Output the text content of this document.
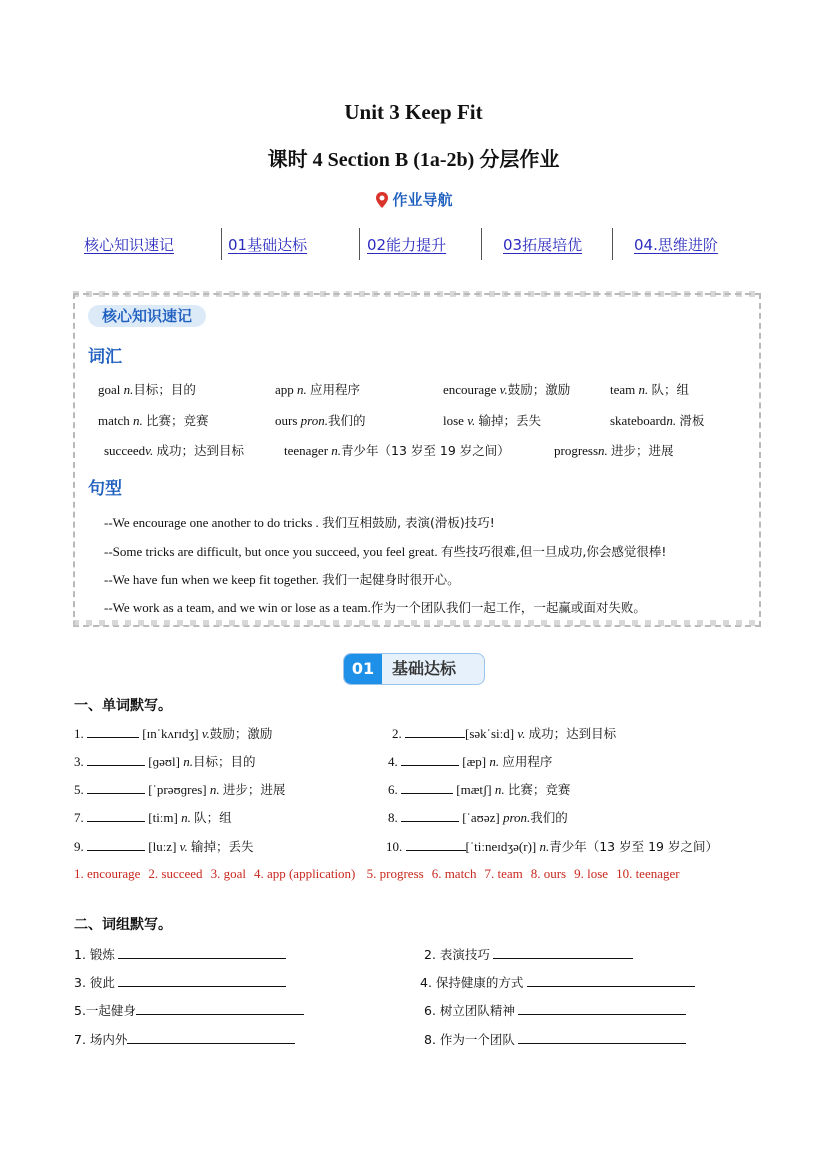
Unit 3 Keep Fit
课时 4 Section B (1a-2b) 分层作业
作业导航
核心知识速记	01基础达标	02能力提升	03拓展培优	04.思维进阶
核心知识速记
词汇
goal n.目标；目的	app n. 应用程序	encourage v.鼓励；激励	team n. 队；组
match n. 比赛；竞赛	ours pron.我们的	lose v. 输掉；丢失	skateboardn. 滑板
succeedv. 成功；达到目标	teenager n.青少年（13 岁至 19 岁之间）	progressn. 进步；进展
句型
--We encourage one another to do tricks . 我们互相鼓励, 表演(滑板)技巧!
--Some tricks are difficult, but once you succeed, you feel great. 有些技巧很难,但一旦成功,你会感觉很棒!
--We have fun when we keep fit together. 我们一起健身时很开心。
--We work as a team, and we win or lose as a team.作为一个团队我们一起工作，一起赢或面对失败。
01	基础达标
一、单词默写。
1.	[ɪnˈkʌrɪdʒ] v.鼓励；激励	2.	[səkˈsiːd] v. 成功；达到目标
3.	[ɡəʊl] n.目标；目的	4.	[æp] n. 应用程序
5.	[ˈprəʊɡres] n. 进步；进展	6.	[mætʃ] n. 比赛；竞赛
7.	[tiːm] n. 队；组	8.	[ˈaʊəz] pron.我们的
9.	[luːz] v. 输掉；丢失	10.	[ˈtiːneɪdʒə(r)] n.青少年（13 岁至 19 岁之间）
1. encourage 2. succeed 3. goal 4. app (application) 5. progress 6. match 7. team 8. ours 9. lose 10. teenager
二、词组默写。
1. 锻炼	2. 表演技巧
3. 彼此	4. 保持健康的方式
5.一起健身	6. 树立团队精神
7. 场内外	8. 作为一个团队
